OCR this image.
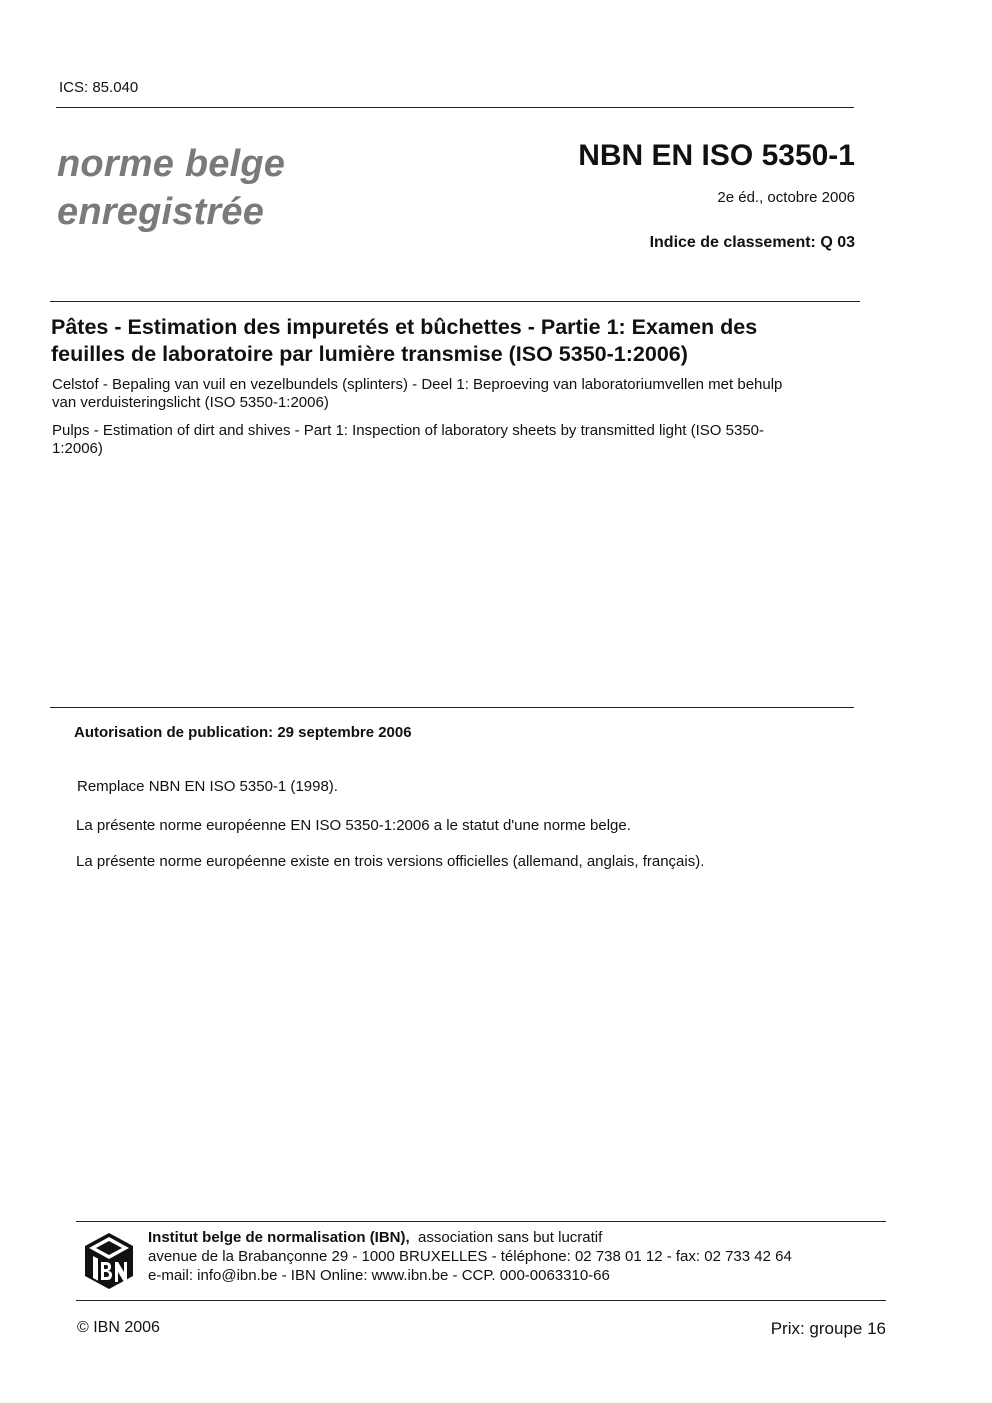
ICS: 85.040
norme belge
enregistrée
NBN EN ISO 5350-1
2e éd., octobre 2006
Indice de classement: Q 03
Pâtes - Estimation des impuretés et bûchettes - Partie 1: Examen des
feuilles de laboratoire par lumière transmise (ISO 5350-1:2006)
Celstof - Bepaling van vuil en vezelbundels (splinters) - Deel 1: Beproeving van laboratoriumvellen met behulp
van verduisteringslicht (ISO 5350-1:2006)
Pulps - Estimation of dirt and shives - Part 1: Inspection of laboratory sheets by transmitted light (ISO 5350-
1:2006)
Autorisation de publication: 29 septembre 2006
Remplace NBN EN ISO 5350-1 (1998).
La présente norme européenne EN ISO 5350-1:2006 a le statut d'une norme belge.
La présente norme européenne existe en trois versions officielles (allemand, anglais, français).
Institut belge de normalisation (IBN), association sans but lucratif
avenue de la Brabançonne 29 - 1000 BRUXELLES - téléphone: 02 738 01 12 - fax: 02 733 42 64
e-mail: info@ibn.be - IBN Online: www.ibn.be - CCP. 000-0063310-66
© IBN 2006	Prix: groupe 16
